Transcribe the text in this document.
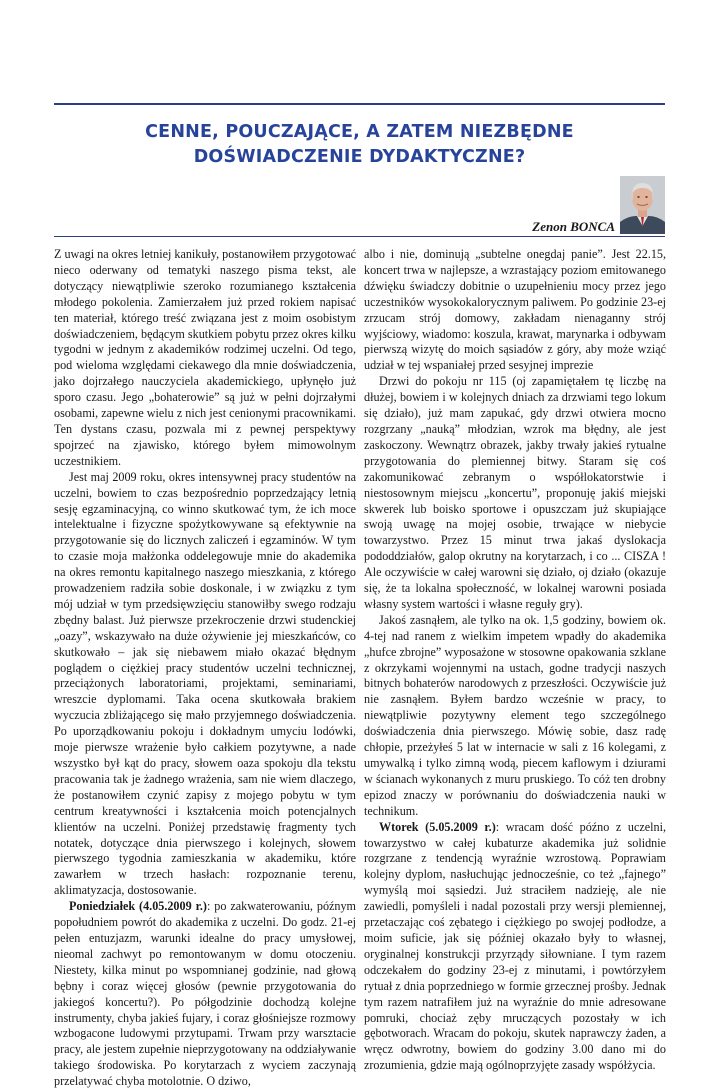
CENNE, POUCZAJĄCE, A ZATEM NIEZBĘDNE
DOŚWIADCZENIE DYDAKTYCZNE?
Zenon BONCA

Z uwagi na okres letniej kanikuły, postanowiłem przygotować nieco oderwany od tematyki naszego pisma tekst, ale dotyczący niewątpliwie szeroko rozumianego kształcenia młodego pokolenia. Zamierzałem już przed rokiem napisać ten materiał, którego treść związana jest z moim osobistym doświadczeniem, będącym skutkiem pobytu przez okres kilku tygodni w jednym z akademików rodzimej uczelni. Od tego, pod wieloma względami ciekawego dla mnie doświadczenia, jako dojrzałego nauczyciela akademickiego, upłynęło już sporo czasu. Jego „bohaterowie” są już w pełni dojrzałymi osobami, zapewne wielu z nich jest cenionymi pracownikami. Ten dystans czasu, pozwala mi z pewnej perspektywy spojrzeć na zjawisko, którego byłem mimowolnym uczestnikiem.

Jest maj 2009 roku, okres intensywnej pracy studentów na uczelni, bowiem to czas bezpośrednio poprzedzający letnią sesję egzaminacyjną, co winno skutkować tym, że ich moce intelektualne i fizyczne spożytkowywane są efektywnie na przygotowanie się do licznych zaliczeń i egzaminów. W tym to czasie moja małżonka oddelegowuje mnie do akademika na okres remontu kapitalnego naszego mieszkania, z którego prowadzeniem radziła sobie doskonale, i w związku z tym mój udział w tym przedsięwzięciu stanowiłby swego rodzaju zbędny balast. Już pierwsze przekroczenie drzwi studenckiej „oazy”, wskazywało na duże ożywienie jej mieszkańców, co skutkowało – jak się niebawem miało okazać błędnym poglądem o ciężkiej pracy studentów uczelni technicznej, przeciążonych laboratoriami, projektami, seminariami, wreszcie dyplomami. Taka ocena skutkowała brakiem wyczucia zbliżającego się mało przyjemnego doświadczenia. Po uporządkowaniu pokoju i dokładnym umyciu lodówki, moje pierwsze wrażenie było całkiem pozytywne, a nade wszystko był kąt do pracy, słowem oaza spokoju dla tekstu pracowania tak je żadnego wrażenia, sam nie wiem dlaczego, że postanowiłem czynić zapisy z mojego pobytu w tym centrum kreatywności i kształcenia moich potencjalnych klientów na uczelni. Poniżej przedstawię fragmenty tych notatek, dotyczące dnia pierwszego i kolejnych, słowem pierwszego tygodnia zamieszkania w akademiku, które zawarłem w trzech hasłach: rozpoznanie terenu, aklimatyzacja, dostosowanie.

Poniedziałek (4.05.2009 r.): po zakwaterowaniu, późnym popołudniem powrót do akademika z uczelni. Do godz. 21-ej pełen entuzjazm, warunki idealne do pracy umysłowej, nieomal zachwyt po remontowanym w domu otoczeniu. Niestety, kilka minut po wspomnianej godzinie, nad głową bębny i coraz więcej głosów (pewnie przygotowania do jakiegoś koncertu?). Po półgodzinie dochodzą kolejne instrumenty, chyba jakieś fujary, i coraz głośniejsze rozmowy wzbogacone ludowymi przytupami. Trwam przy warsztacie pracy, ale jestem zupełnie nieprzygotowany na oddziaływanie takiego środowiska. Po korytarzach z wyciem zaczynają przelatywać chyba motolotnie. O dziwo,

albo i nie, dominują „subtelne onegdaj panie”. Jest 22.15, koncert trwa w najlepsze, a wzrastający poziom emitowanego dźwięku świadczy dobitnie o uzupełnieniu mocy przez jego uczestników wysokokalorycznym paliwem. Po godzinie 23-ej zrzucam strój domowy, zakładam nienaganny strój wyjściowy, wiadomo: koszula, krawat, marynarka i odbywam pierwszą wizytę do moich sąsiadów z góry, aby może wziąć udział w tej wspaniałej przed sesyjnej imprezie

Drzwi do pokoju nr 115 (oj zapamiętałem tę liczbę na dłużej, bowiem i w kolejnych dniach za drzwiami tego lokum się działo), już mam zapukać, gdy drzwi otwiera mocno rozgrzany „nauką” młodzian, wzrok ma błędny, ale jest zaskoczony. Wewnątrz obrazek, jakby trwały jakieś rytualne przygotowania do plemiennej bitwy. Staram się coś zakomunikować zebranym o współlokatorstwie i niestosownym miejscu „koncertu”, proponuję jakiś miejski skwerek lub boisko sportowe i opuszczam już skupiające swoją uwagę na mojej osobie, trwające w niebycie towarzystwo. Przez 15 minut trwa jakaś dyslokacja pododdziałów, galop okrutny na korytarzach, i co ... CISZA ! Ale oczywiście w całej warowni się działo, oj działo (okazuje się, że ta lokalna społeczność, w lokalnej warowni posiada własny system wartości i własne reguły gry).

Jakoś zasnąłem, ale tylko na ok. 1,5 godziny, bowiem ok. 4-tej nad ranem z wielkim impetem wpadły do akademika „hufce zbrojne” wyposażone w stosowne opakowania szklane z okrzykami wojennymi na ustach, godne tradycji naszych bitnych bohaterów narodowych z przeszłości. Oczywiście już nie zasnąłem. Byłem bardzo wcześnie w pracy, to niewątpliwie pozytywny element tego szczególnego doświadczenia dnia pierwszego. Mówię sobie, dasz radę chłopie, przeżyłeś 5 lat w internacie w sali z 16 kolegami, z umywalką i tylko zimną wodą, piecem kaflowym i dziurami w ścianach wykonanych z muru pruskiego. To cóż ten drobny epizod znaczy w porównaniu do doświadczenia nauki w technikum.

Wtorek (5.05.2009 r.): wracam dość późno z uczelni, towarzystwo w całej kubaturze akademika już solidnie rozgrzane z tendencją wyraźnie wzrostową. Poprawiam kolejny dyplom, nasłuchując jednocześnie, co też „fajnego” wymyślą moi sąsiedzi. Już straciłem nadzieję, ale nie zawiedli, pomyśleli i nadal pozostali przy wersji plemiennej, przetaczając coś zębatego i ciężkiego po swojej podłodze, a moim suficie, jak się później okazało były to własnej, oryginalnej konstrukcji przyrządy siłowniane. I tym razem odczekałem do godziny 23-ej z minutami, i powtórzyłem rytuał z dnia poprzedniego w formie grzecznej prośby. Jednak tym razem natrafiłem już na wyraźnie do mnie adresowane pomruki, chociaż zęby mruczących pozostały w ich gębotworach. Wracam do pokoju, skutek naprawczy żaden, a wręcz odwrotny, bowiem do godziny 3.00 dano mi do zrozumienia, gdzie mają ogólnoprzyjęte zasady współżycia.
